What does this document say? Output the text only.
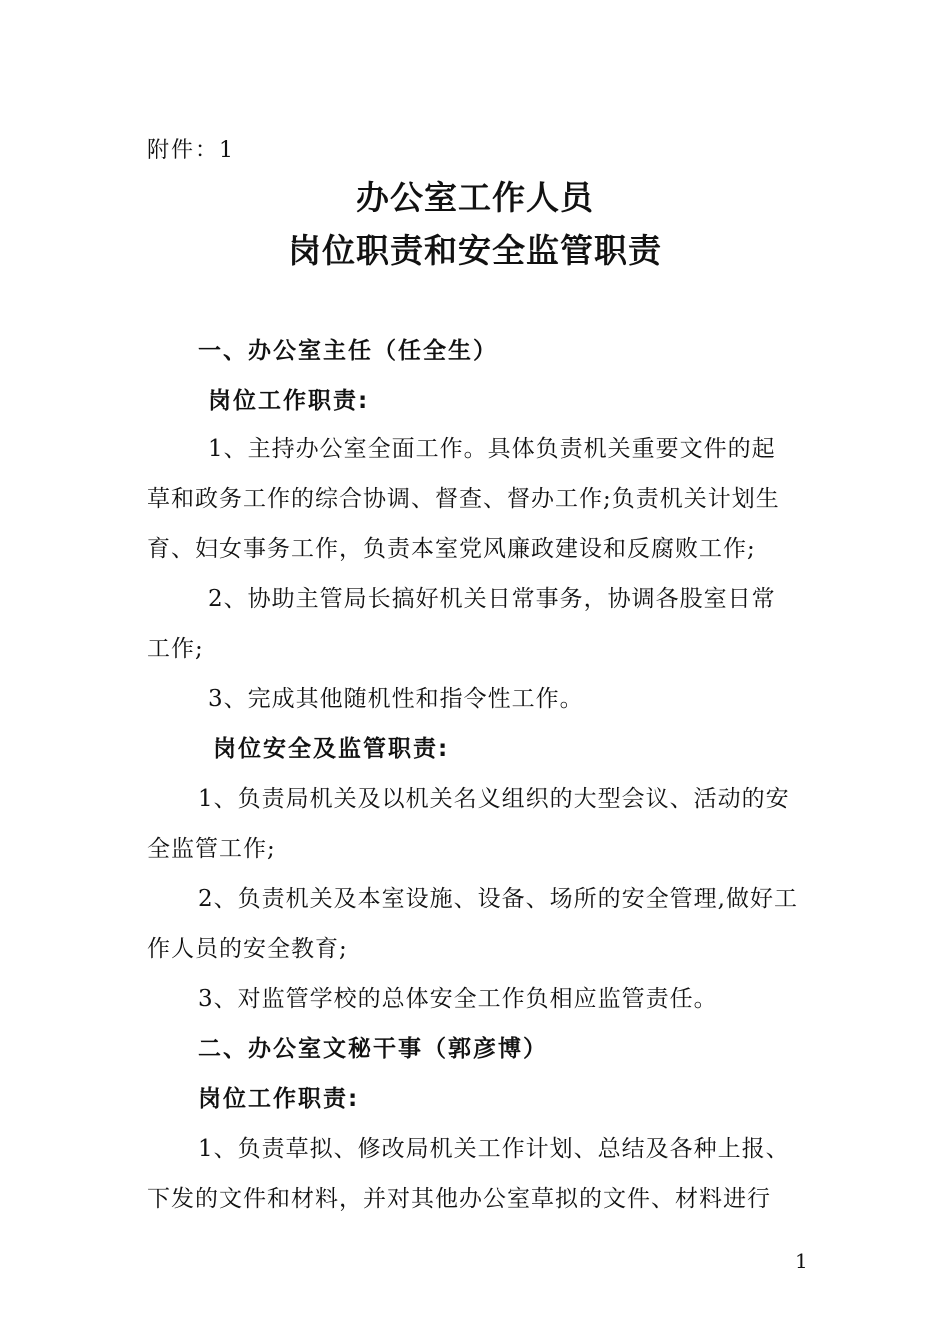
附件：1
办公室工作人员
岗位职责和安全监管职责
一、办公室主任（任全生）
岗位工作职责:
1、主持办公室全面工作。具体负责机关重要文件的起
草和政务工作的综合协调、督查、督办工作;负责机关计划生
育、妇女事务工作，负责本室党风廉政建设和反腐败工作;
2、协助主管局长搞好机关日常事务，协调各股室日常
工作;
3、完成其他随机性和指令性工作。
岗位安全及监管职责:
1、负责局机关及以机关名义组织的大型会议、活动的安
全监管工作;
2、负责机关及本室设施、设备、场所的安全管理,做好工
作人员的安全教育;
3、对监管学校的总体安全工作负相应监管责任。
二、办公室文秘干事（郭彦博）
岗位工作职责:
1、负责草拟、修改局机关工作计划、总结及各种上报、
下发的文件和材料，并对其他办公室草拟的文件、材料进行
1
